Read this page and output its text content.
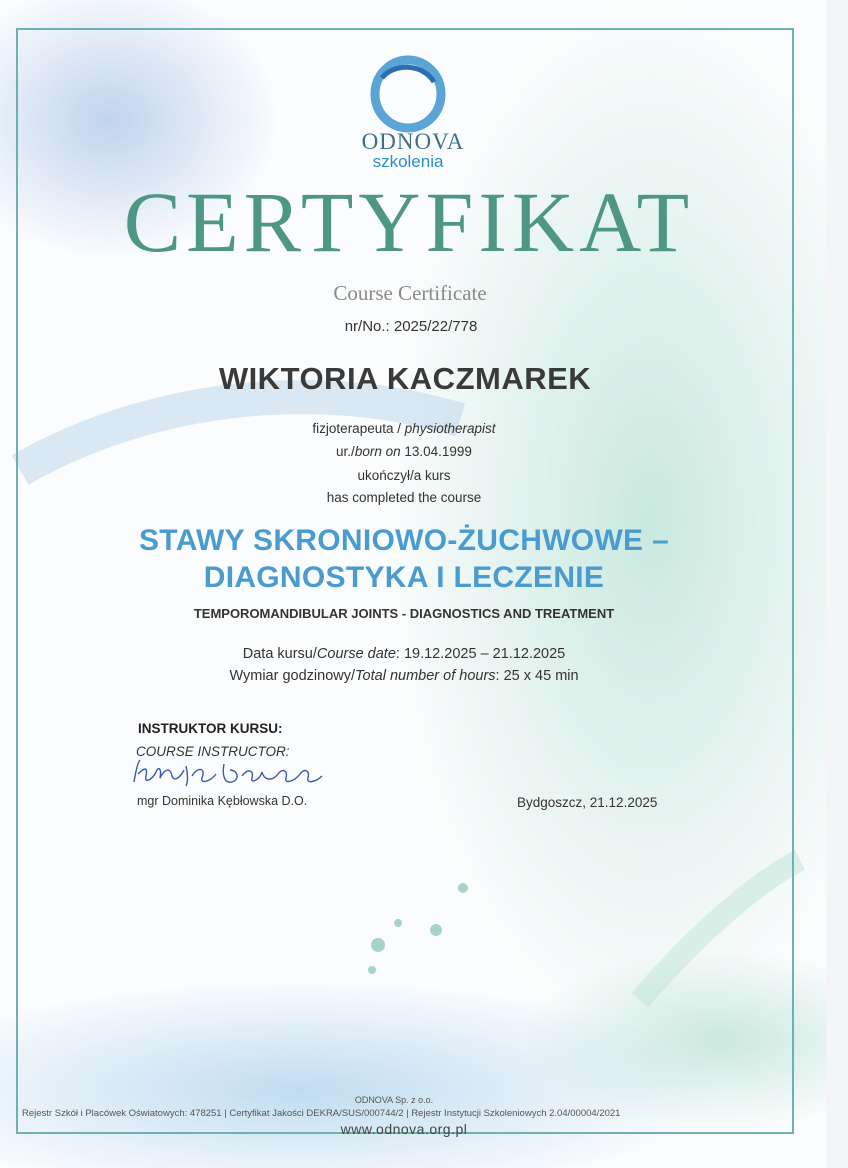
ODNOVA
szkolenia
CERTYFIKAT
Course Certificate
nr/No.: 2025/22/778
WIKTORIA KACZMAREK
fizjoterapeuta / physiotherapist
ur./born on 13.04.1999
ukończył/a kurs
has completed the course
STAWY SKRONIOWO-ŻUCHWOWE –
DIAGNOSTYKA I LECZENIE
TEMPOROMANDIBULAR JOINTS - DIAGNOSTICS AND TREATMENT
Data kursu/Course date: 19.12.2025 – 21.12.2025
Wymiar godzinowy/Total number of hours: 25 x 45 min
INSTRUKTOR KURSU:
COURSE INSTRUCTOR:
mgr Dominika Kębłowska D.O.	Bydgoszcz, 21.12.2025
ODNOVA Sp. z o.o.
Rejestr Szkół i Placówek Oświatowych: 478251 | Certyfikat Jakości DEKRA/SUS/000744/2 | Rejestr Instytucji Szkoleniowych 2.04/00004/2021
www.odnova.org.pl
